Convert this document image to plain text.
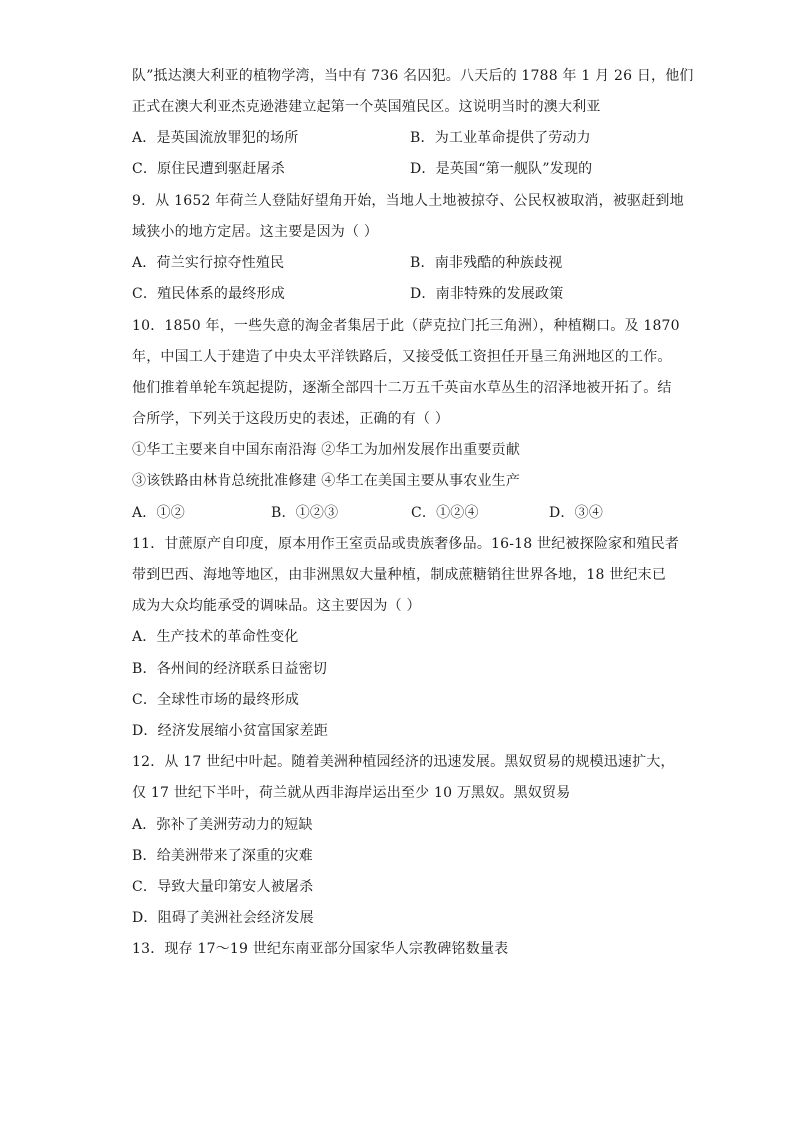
队”抵达澳大利亚的植物学湾，当中有 736 名囚犯。八天后的 1788 年 1 月 26 日，他们
正式在澳大利亚杰克逊港建立起第一个英国殖民区。这说明当时的澳大利亚
A．是英国流放罪犯的场所	B．为工业革命提供了劳动力
C．原住民遭到驱赶屠杀	D．是英国“第一舰队”发现的
9．从 1652 年荷兰人登陆好望角开始，当地人土地被掠夺、公民权被取消，被驱赶到地
域狭小的地方定居。这主要是因为（ ）
A．荷兰实行掠夺性殖民	B．南非残酷的种族歧视
C．殖民体系的最终形成	D．南非特殊的发展政策
10．1850 年，一些失意的淘金者集居于此（萨克拉门托三角洲），种植糊口。及 1870
年，中国工人于建造了中央太平洋铁路后，又接受低工资担任开垦三角洲地区的工作。
他们推着单轮车筑起提防，逐渐全部四十二万五千英亩水草丛生的沼泽地被开拓了。结
合所学，下列关于这段历史的表述，正确的有（ ）
①华工主要来自中国东南沿海 ②华工为加州发展作出重要贡献
③该铁路由林肯总统批准修建 ④华工在美国主要从事农业生产
A．①②	B．①②③	C．①②④	D．③④
11．甘蔗原产自印度，原本用作王室贡品或贵族奢侈品。16-18 世纪被探险家和殖民者
带到巴西、海地等地区，由非洲黑奴大量种植，制成蔗糖销往世界各地，18 世纪末已
成为大众均能承受的调味品。这主要因为（ ）
A．生产技术的革命性变化
B．各州间的经济联系日益密切
C．全球性市场的最终形成
D．经济发展缩小贫富国家差距
12．从 17 世纪中叶起。随着美洲种植园经济的迅速发展。黑奴贸易的规模迅速扩大，
仅 17 世纪下半叶，荷兰就从西非海岸运出至少 10 万黑奴。黑奴贸易
A．弥补了美洲劳动力的短缺
B．给美洲带来了深重的灾难
C．导致大量印第安人被屠杀
D．阻碍了美洲社会经济发展
13．现存 17～19 世纪东南亚部分国家华人宗教碑铭数量表
